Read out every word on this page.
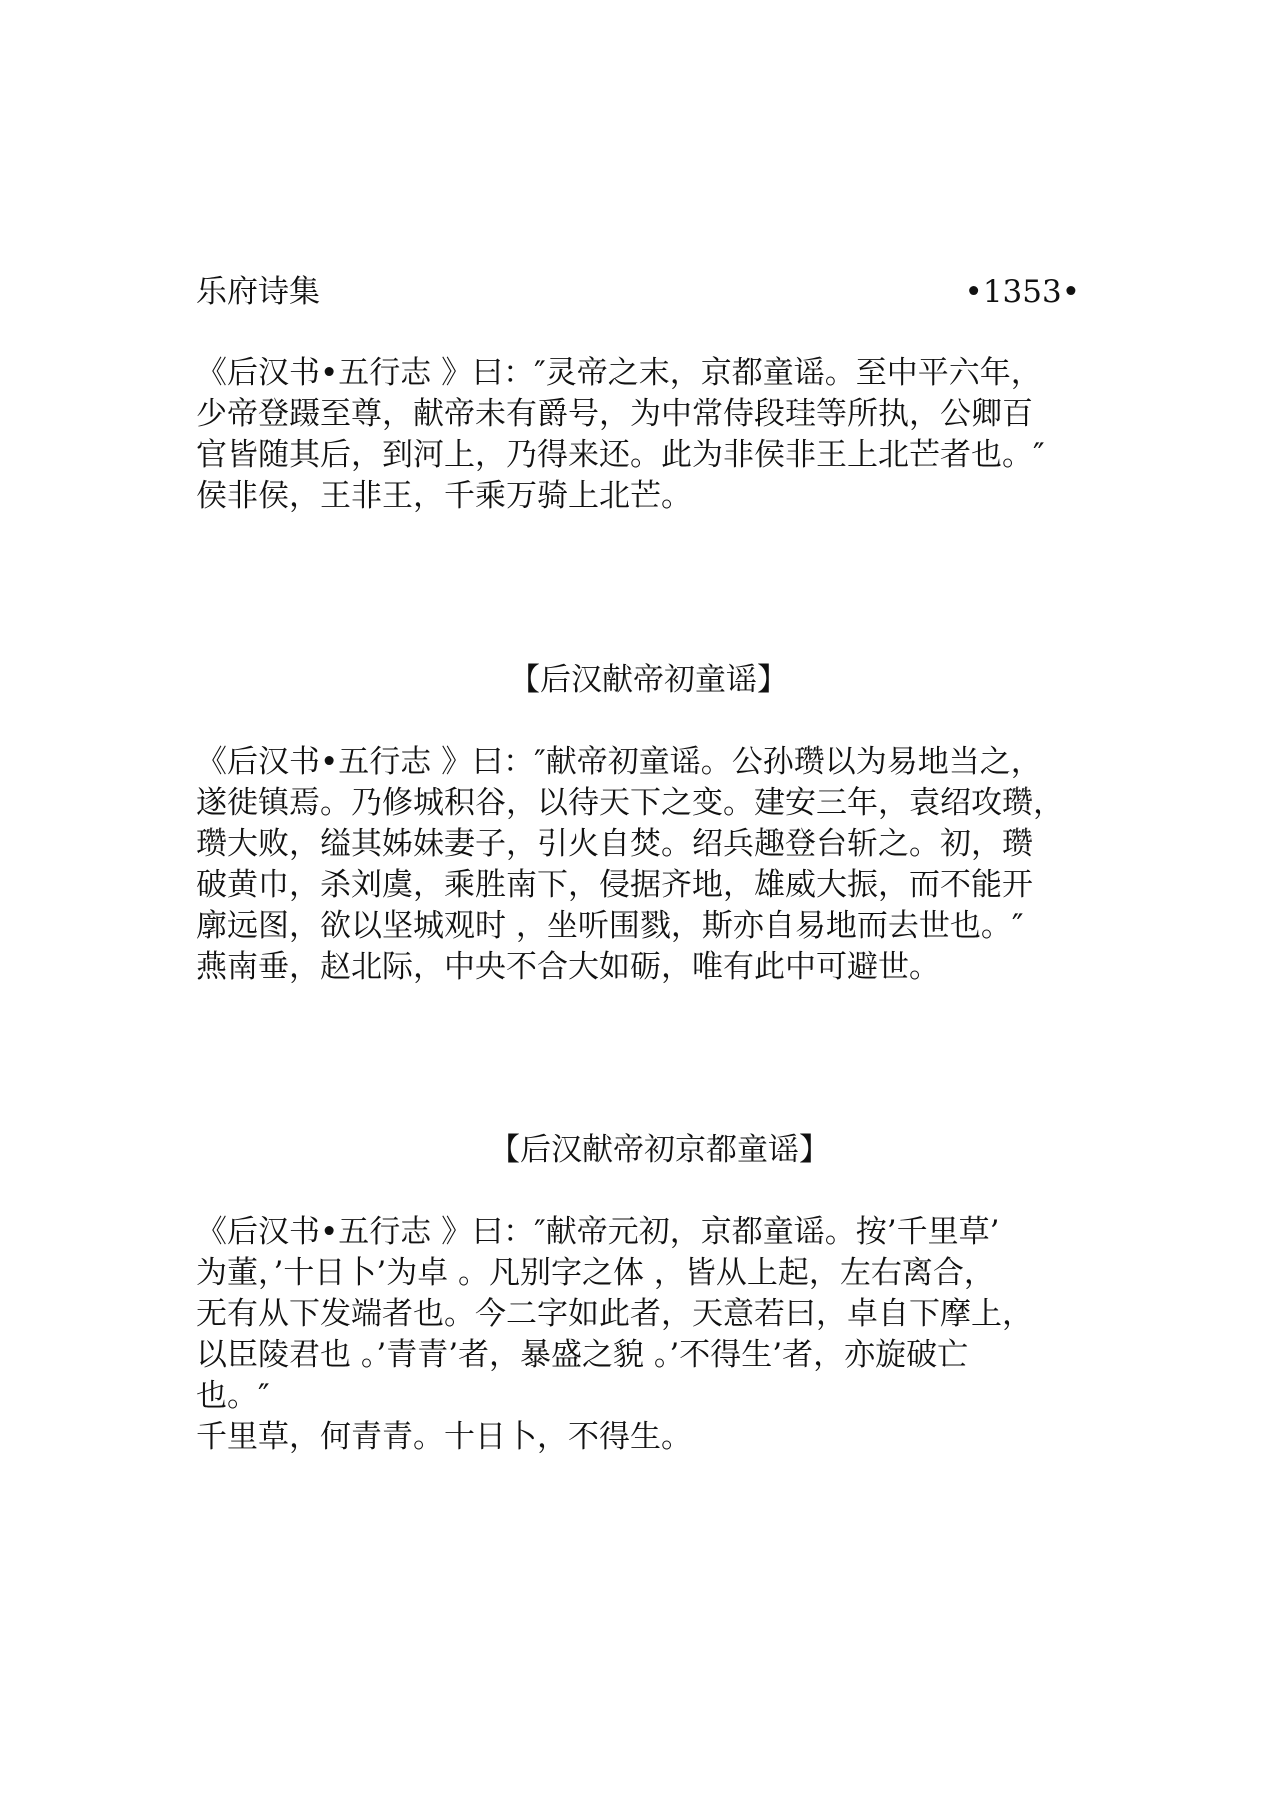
乐府诗集	•1353•

《后汉书•五行志 》曰：″灵帝之末，京都童谣。至中平六年，

少帝登蹑至尊，献帝未有爵号，为中常侍段珪等所执，公卿百

官皆随其后，到河上，乃得来还。此为非侯非王上北芒者也。″

侯非侯，王非王，千乘万骑上北芒。

【后汉献帝初童谣】

《后汉书•五行志 》曰：″献帝初童谣。公孙瓒以为易地当之，

遂徙镇焉。乃修城积谷，以待天下之变。建安三年，袁绍攻瓒，

瓒大败，缢其姊妹妻子，引火自焚。绍兵趣登台斩之。初，瓒

破黄巾，杀刘虞，乘胜南下，侵据齐地，雄威大振，而不能开

廓远图，欲以坚城观时 ，坐听围戮，斯亦自易地而去世也。″

燕南垂，赵北际，中央不合大如砺，唯有此中可避世。

【后汉献帝初京都童谣】

《后汉书•五行志 》曰：″献帝元初，京都童谣。按’千里草’

为董，’十日卜’为卓 。凡别字之体 ，皆从上起，左右离合，

无有从下发端者也。今二字如此者，天意若曰，卓自下摩上，

以臣陵君也 。’青青’者，暴盛之貌 。’不得生’者，亦旋破亡

也。″

千里草，何青青。十日卜，不得生。
